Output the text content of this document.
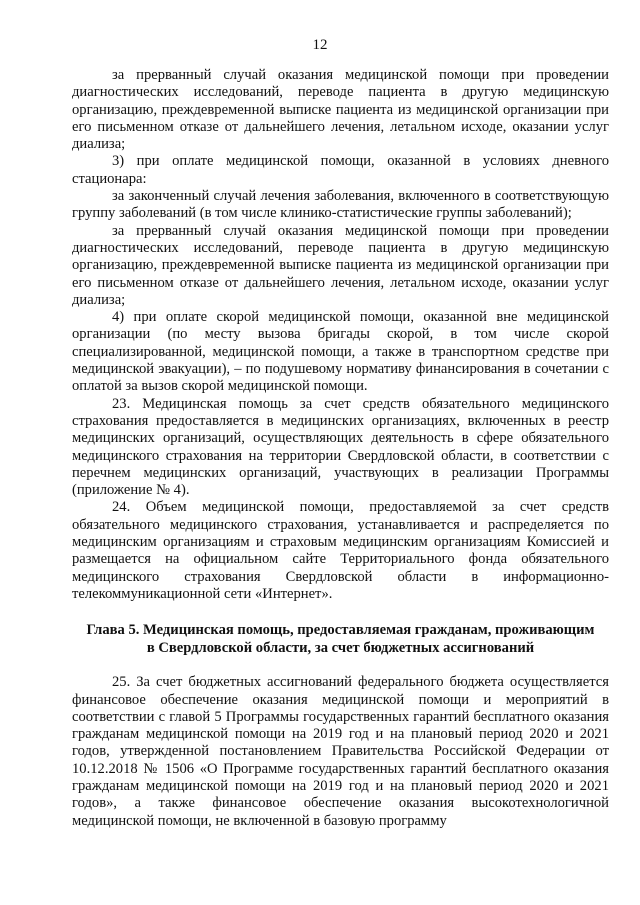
12

за прерванный случай оказания медицинской помощи при проведении диагностических исследований, переводе пациента в другую медицинскую организацию, преждевременной выписке пациента из медицинской организации при его письменном отказе от дальнейшего лечения, летальном исходе, оказании услуг диализа;

3) при оплате медицинской помощи, оказанной в условиях дневного стационара:

за законченный случай лечения заболевания, включенного в соответствующую группу заболеваний (в том числе клинико-статистические группы заболеваний);

за прерванный случай оказания медицинской помощи при проведении диагностических исследований, переводе пациента в другую медицинскую организацию, преждевременной выписке пациента из медицинской организации при его письменном отказе от дальнейшего лечения, летальном исходе, оказании услуг диализа;

4) при оплате скорой медицинской помощи, оказанной вне медицинской организации (по месту вызова бригады скорой, в том числе скорой специализированной, медицинской помощи, а также в транспортном средстве при медицинской эвакуации), – по подушевому нормативу финансирования в сочетании с оплатой за вызов скорой медицинской помощи.

23. Медицинская помощь за счет средств обязательного медицинского страхования предоставляется в медицинских организациях, включенных в реестр медицинских организаций, осуществляющих деятельность в сфере обязательного медицинского страхования на территории Свердловской области, в соответствии с перечнем медицинских организаций, участвующих в реализации Программы (приложение № 4).

24. Объем медицинской помощи, предоставляемой за счет средств обязательного медицинского страхования, устанавливается и распределяется по медицинским организациям и страховым медицинским организациям Комиссией и размещается на официальном сайте Территориального фонда обязательного медицинского страхования Свердловской области в информационно-телекоммуникационной сети «Интернет».

Глава 5. Медицинская помощь, предоставляемая гражданам, проживающим
в Свердловской области, за счет бюджетных ассигнований

25. За счет бюджетных ассигнований федерального бюджета осуществляется финансовое обеспечение оказания медицинской помощи и мероприятий в соответствии с главой 5 Программы государственных гарантий бесплатного оказания гражданам медицинской помощи на 2019 год и на плановый период 2020 и 2021 годов, утвержденной постановлением Правительства Российской Федерации от 10.12.2018 № 1506 «О Программе государственных гарантий бесплатного оказания гражданам медицинской помощи на 2019 год и на плановый период 2020 и 2021 годов», а также финансовое обеспечение оказания высокотехнологичной медицинской помощи, не включенной в базовую программу
